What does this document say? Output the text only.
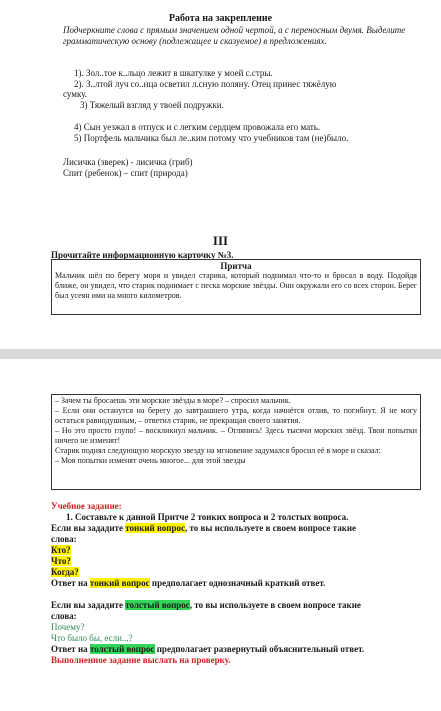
Работа на закрепление
Подчеркните слова с прямым значением одной чертой, а с переносным двумя. Выделите грамматическую основу (подлежащее и сказуемое) в предложениях.
1). Зол..тое к..льцо лежит в шкатулке у моей с.стры.
2). З..лтой луч со..нца осветил л.сную поляну. Отец принес тяжёлую
сумку.
3) Тяжелый взгляд у твоей подружки.
4) Сын уезжал в отпуск и с легким сердцем провожала его мать.
5) Портфель мальчика был ле..ким потому что учебников там (не)было.
Лисичка (зверек) - лисичка (гриб)
Спит (ребенок) – спит (природа)
III
Прочитайте информационную карточку №3.
Притча
Мальчик шёл по берегу моря и увидел старика, который поднимал что-то и бросал в воду. Подойдя ближе, он увидел, что старик поднимает с песка морские звёзды. Они окружали его со всех сторон. Берег был усеян ими на много километров.
– Зачем ты бросаешь эти морские звёзды в море? – спросил мальчик.
– Если они останутся на берегу до завтрашнего утра, когда начнётся отлив, то погибнут. Я не могу остаться равнодушным, – ответил старик, не прекращая своего занятия.
– Но это просто глупо! – воскликнул мальчик. – Оглянись! Здесь тысячи морских звёзд. Твои попытки ничего не изменят!
Старик поднял следующую морскую звезду на мгновение задумался бросил её в море и сказал:
– Моя попытки изменят очень многое... для этой звезды
Учебное задание:
1. Составьте к данной Притче 2 тонких вопроса и 2 толстых вопроса.
Если вы зададите тонкий вопрос, то вы используете в своем вопросе такие
слова:
Кто?
Что?
Когда?
Ответ на тонкий вопрос предполагает однозначный краткий ответ.
Если вы зададите толстый вопрос, то вы используете в своем вопросе такие
слова:
Почему?
Что было бы, если...?
Ответ на толстый вопрос предполагает развернутый объяснительный ответ.
Выполненное задание выслать на проверку.
